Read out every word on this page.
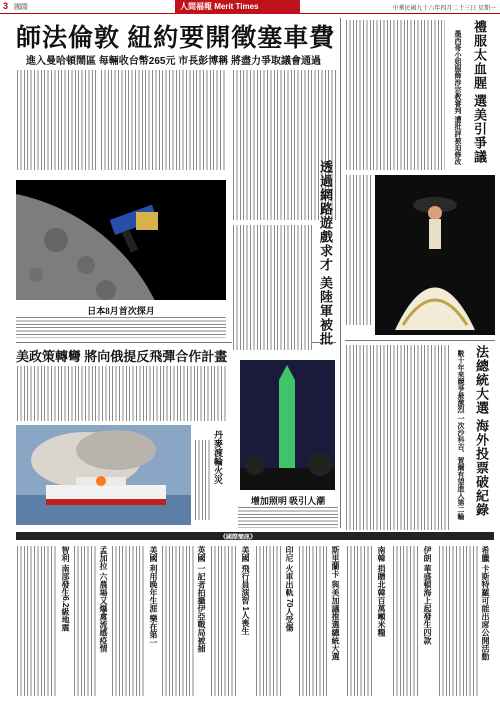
3 國際	人間福報 Merit Times	中華民國九十六年四月二十三日 星期一
師法倫敦 紐約要開徵塞車費
進入曼哈頓鬧區 每輛收台幣265元 市長彭博稱 將盡力爭取議會通過
日本8月首次探月
美政策轉彎 將向俄提反飛彈合作計畫
丹麥渡輪火災
透過網路遊戲求才 美陸軍被批
增加照明 吸引人潮
禮服太血腥 選美引爭議
墨西哥小姐服飾涉宗教審判 遭批評被迫修改
法總統大選 海外投票破紀錄
數十年來競爭最激烈 一次沙科吉、賀爾有望進入第二輪
《國際簡訊》
智利 南部發生6.2級地震	孟加拉 六農場又爆禽流感疫情	美國 利用晚年生涯 樂在第一	英國 一記者拍攝伊亞戰局被捕	美國 飛行員演習 1人喪生	印尼 火車出軌 70人受傷	斯里蘭卡 與美加議推選總統大選	南韓 捐贈北韓百萬噸米糧	伊朗 華盛頓海上起發生四款	希臘 卡斯特羅可能出席公開活動
